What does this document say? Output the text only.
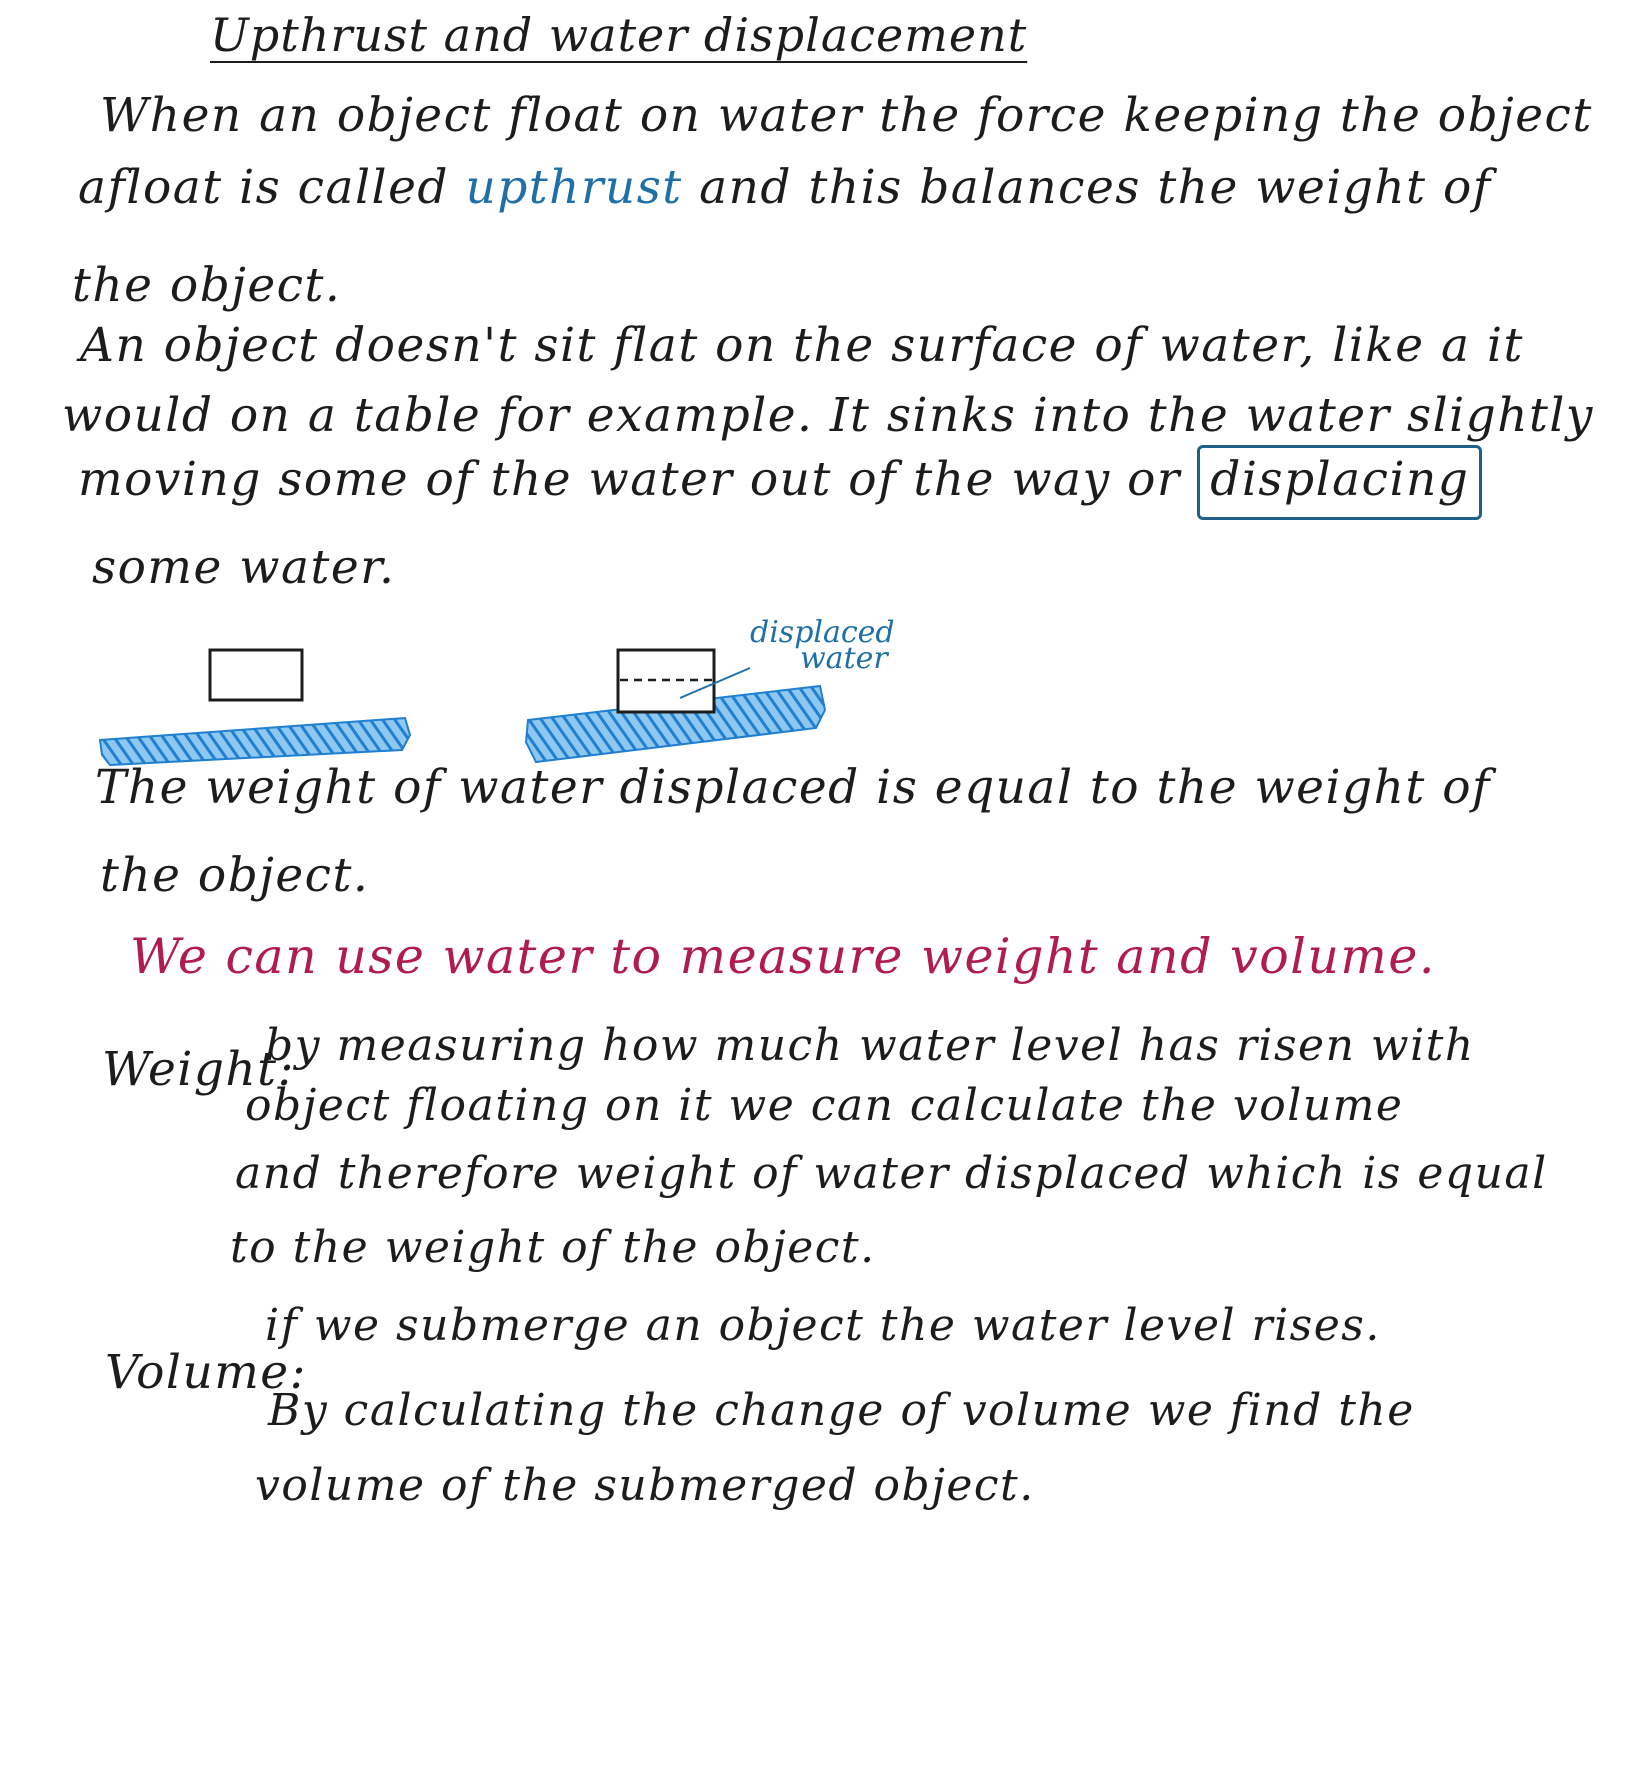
Upthrust and water displacement
When an object float on water the force keeping the object
afloat is called upthrust and this balances the weight of
the object.
An object doesn't sit flat on the surface of water, like a it
would on a table for example. It sinks into the water slightly
moving some of the water out of the way or displacing
some water.
displaced
water
The weight of water displaced is equal to the weight of
the object.
We can use water to measure weight and volume.
Weight:
by measuring how much water level has risen with
object floating on it we can calculate the volume
and therefore weight of water displaced which is equal
to the weight of the object.
Volume:
if we submerge an object the water level rises.
By calculating the change of volume we find the
volume of the submerged object.
